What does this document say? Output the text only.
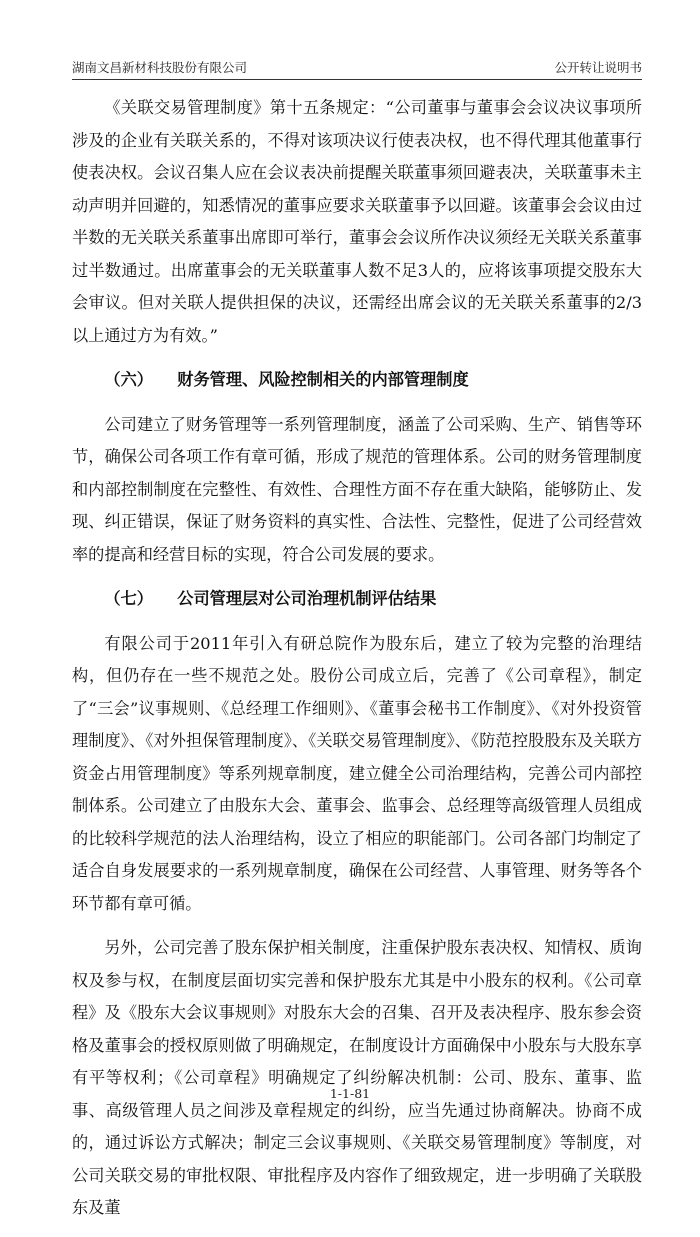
湖南文昌新材科技股份有限公司	公开转让说明书

《关联交易管理制度》第十五条规定：“公司董事与董事会会议决议事项所涉及的企业有关联关系的，不得对该项决议行使表决权，也不得代理其他董事行使表决权。会议召集人应在会议表决前提醒关联董事须回避表决，关联董事未主动声明并回避的，知悉情况的董事应要求关联董事予以回避。该董事会会议由过半数的无关联关系董事出席即可举行，董事会会议所作决议须经无关联关系董事过半数通过。出席董事会的无关联董事人数不足3人的，应将该事项提交股东大会审议。但对关联人提供担保的决议，还需经出席会议的无关联关系董事的2/3以上通过方为有效。”

（六） 财务管理、风险控制相关的内部管理制度

公司建立了财务管理等一系列管理制度，涵盖了公司采购、生产、销售等环节，确保公司各项工作有章可循，形成了规范的管理体系。公司的财务管理制度和内部控制制度在完整性、有效性、合理性方面不存在重大缺陷，能够防止、发现、纠正错误，保证了财务资料的真实性、合法性、完整性，促进了公司经营效率的提高和经营目标的实现，符合公司发展的要求。

（七） 公司管理层对公司治理机制评估结果

有限公司于2011年引入有研总院作为股东后，建立了较为完整的治理结构，但仍存在一些不规范之处。股份公司成立后，完善了《公司章程》，制定了“三会”议事规则、《总经理工作细则》、《董事会秘书工作制度》、《对外投资管理制度》、《对外担保管理制度》、《关联交易管理制度》、《防范控股股东及关联方资金占用管理制度》等系列规章制度，建立健全公司治理结构，完善公司内部控制体系。公司建立了由股东大会、董事会、监事会、总经理等高级管理人员组成的比较科学规范的法人治理结构，设立了相应的职能部门。公司各部门均制定了适合自身发展要求的一系列规章制度，确保在公司经营、人事管理、财务等各个环节都有章可循。

另外，公司完善了股东保护相关制度，注重保护股东表决权、知情权、质询权及参与权，在制度层面切实完善和保护股东尤其是中小股东的权利。《公司章程》及《股东大会议事规则》对股东大会的召集、召开及表决程序、股东参会资格及董事会的授权原则做了明确规定，在制度设计方面确保中小股东与大股东享有平等权利；《公司章程》明确规定了纠纷解决机制：公司、股东、董事、监事、高级管理人员之间涉及章程规定的纠纷，应当先通过协商解决。协商不成的，通过诉讼方式解决；制定三会议事规则、《关联交易管理制度》等制度，对公司关联交易的审批权限、审批程序及内容作了细致规定，进一步明确了关联股东及董

1-1-81
